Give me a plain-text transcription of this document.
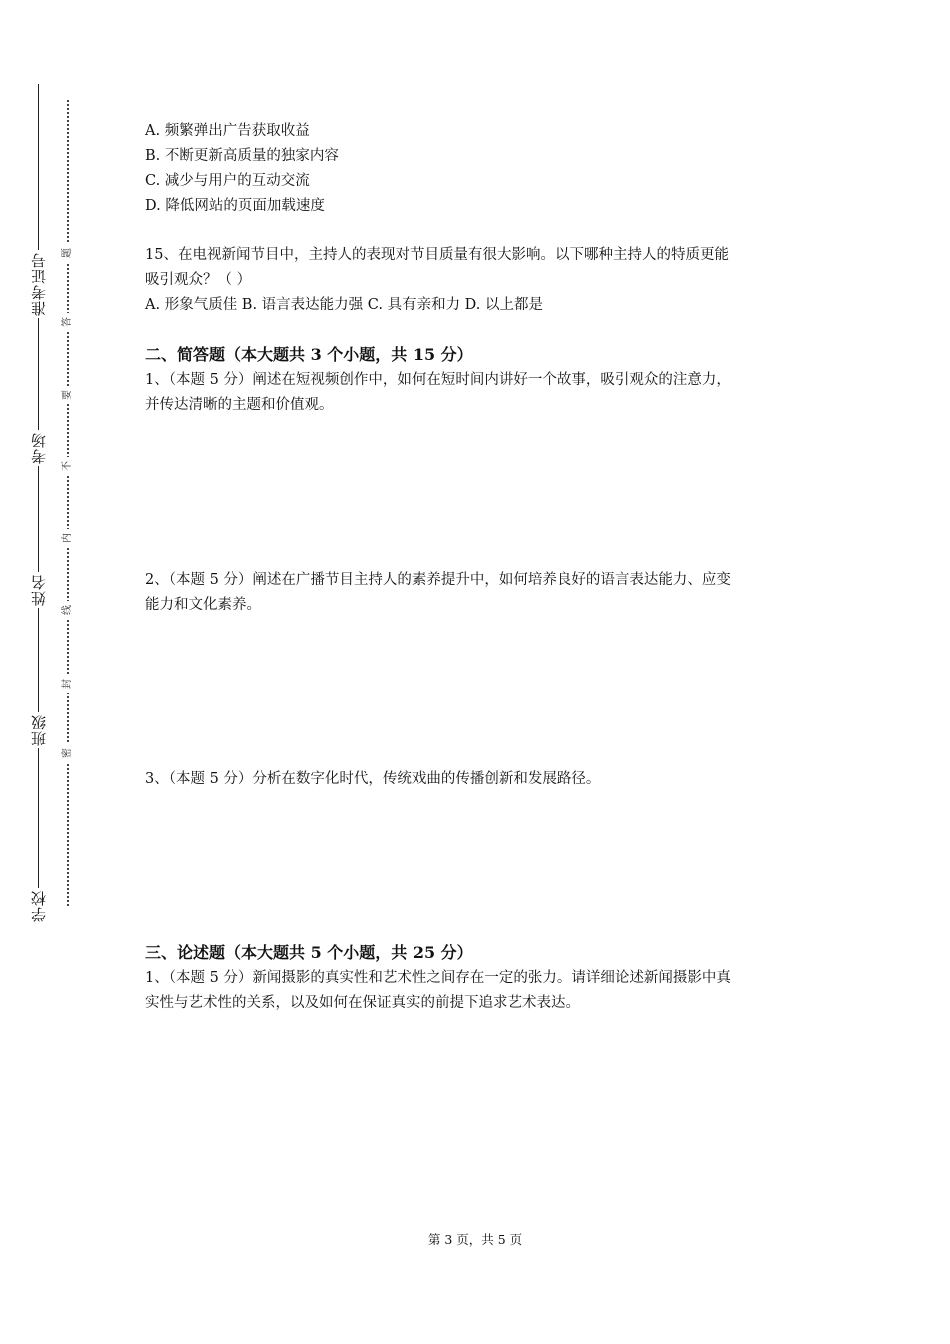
准考证号
考场
姓名
班级
学校
题
答
要
不
内
线
封
密
A. 频繁弹出广告获取收益
B. 不断更新高质量的独家内容
C. 减少与用户的互动交流
D. 降低网站的页面加载速度
15、在电视新闻节目中，主持人的表现对节目质量有很大影响。以下哪种主持人的特质更能
吸引观众？（ ）
A. 形象气质佳 B. 语言表达能力强 C. 具有亲和力 D. 以上都是
二、简答题（本大题共 3 个小题，共 15 分）
1、（本题 5 分）阐述在短视频创作中，如何在短时间内讲好一个故事，吸引观众的注意力，
并传达清晰的主题和价值观。
2、（本题 5 分）阐述在广播节目主持人的素养提升中，如何培养良好的语言表达能力、应变
能力和文化素养。
3、（本题 5 分）分析在数字化时代，传统戏曲的传播创新和发展路径。
三、论述题（本大题共 5 个小题，共 25 分）
1、（本题 5 分）新闻摄影的真实性和艺术性之间存在一定的张力。请详细论述新闻摄影中真
实性与艺术性的关系，以及如何在保证真实的前提下追求艺术表达。
第 3 页，共 5 页
